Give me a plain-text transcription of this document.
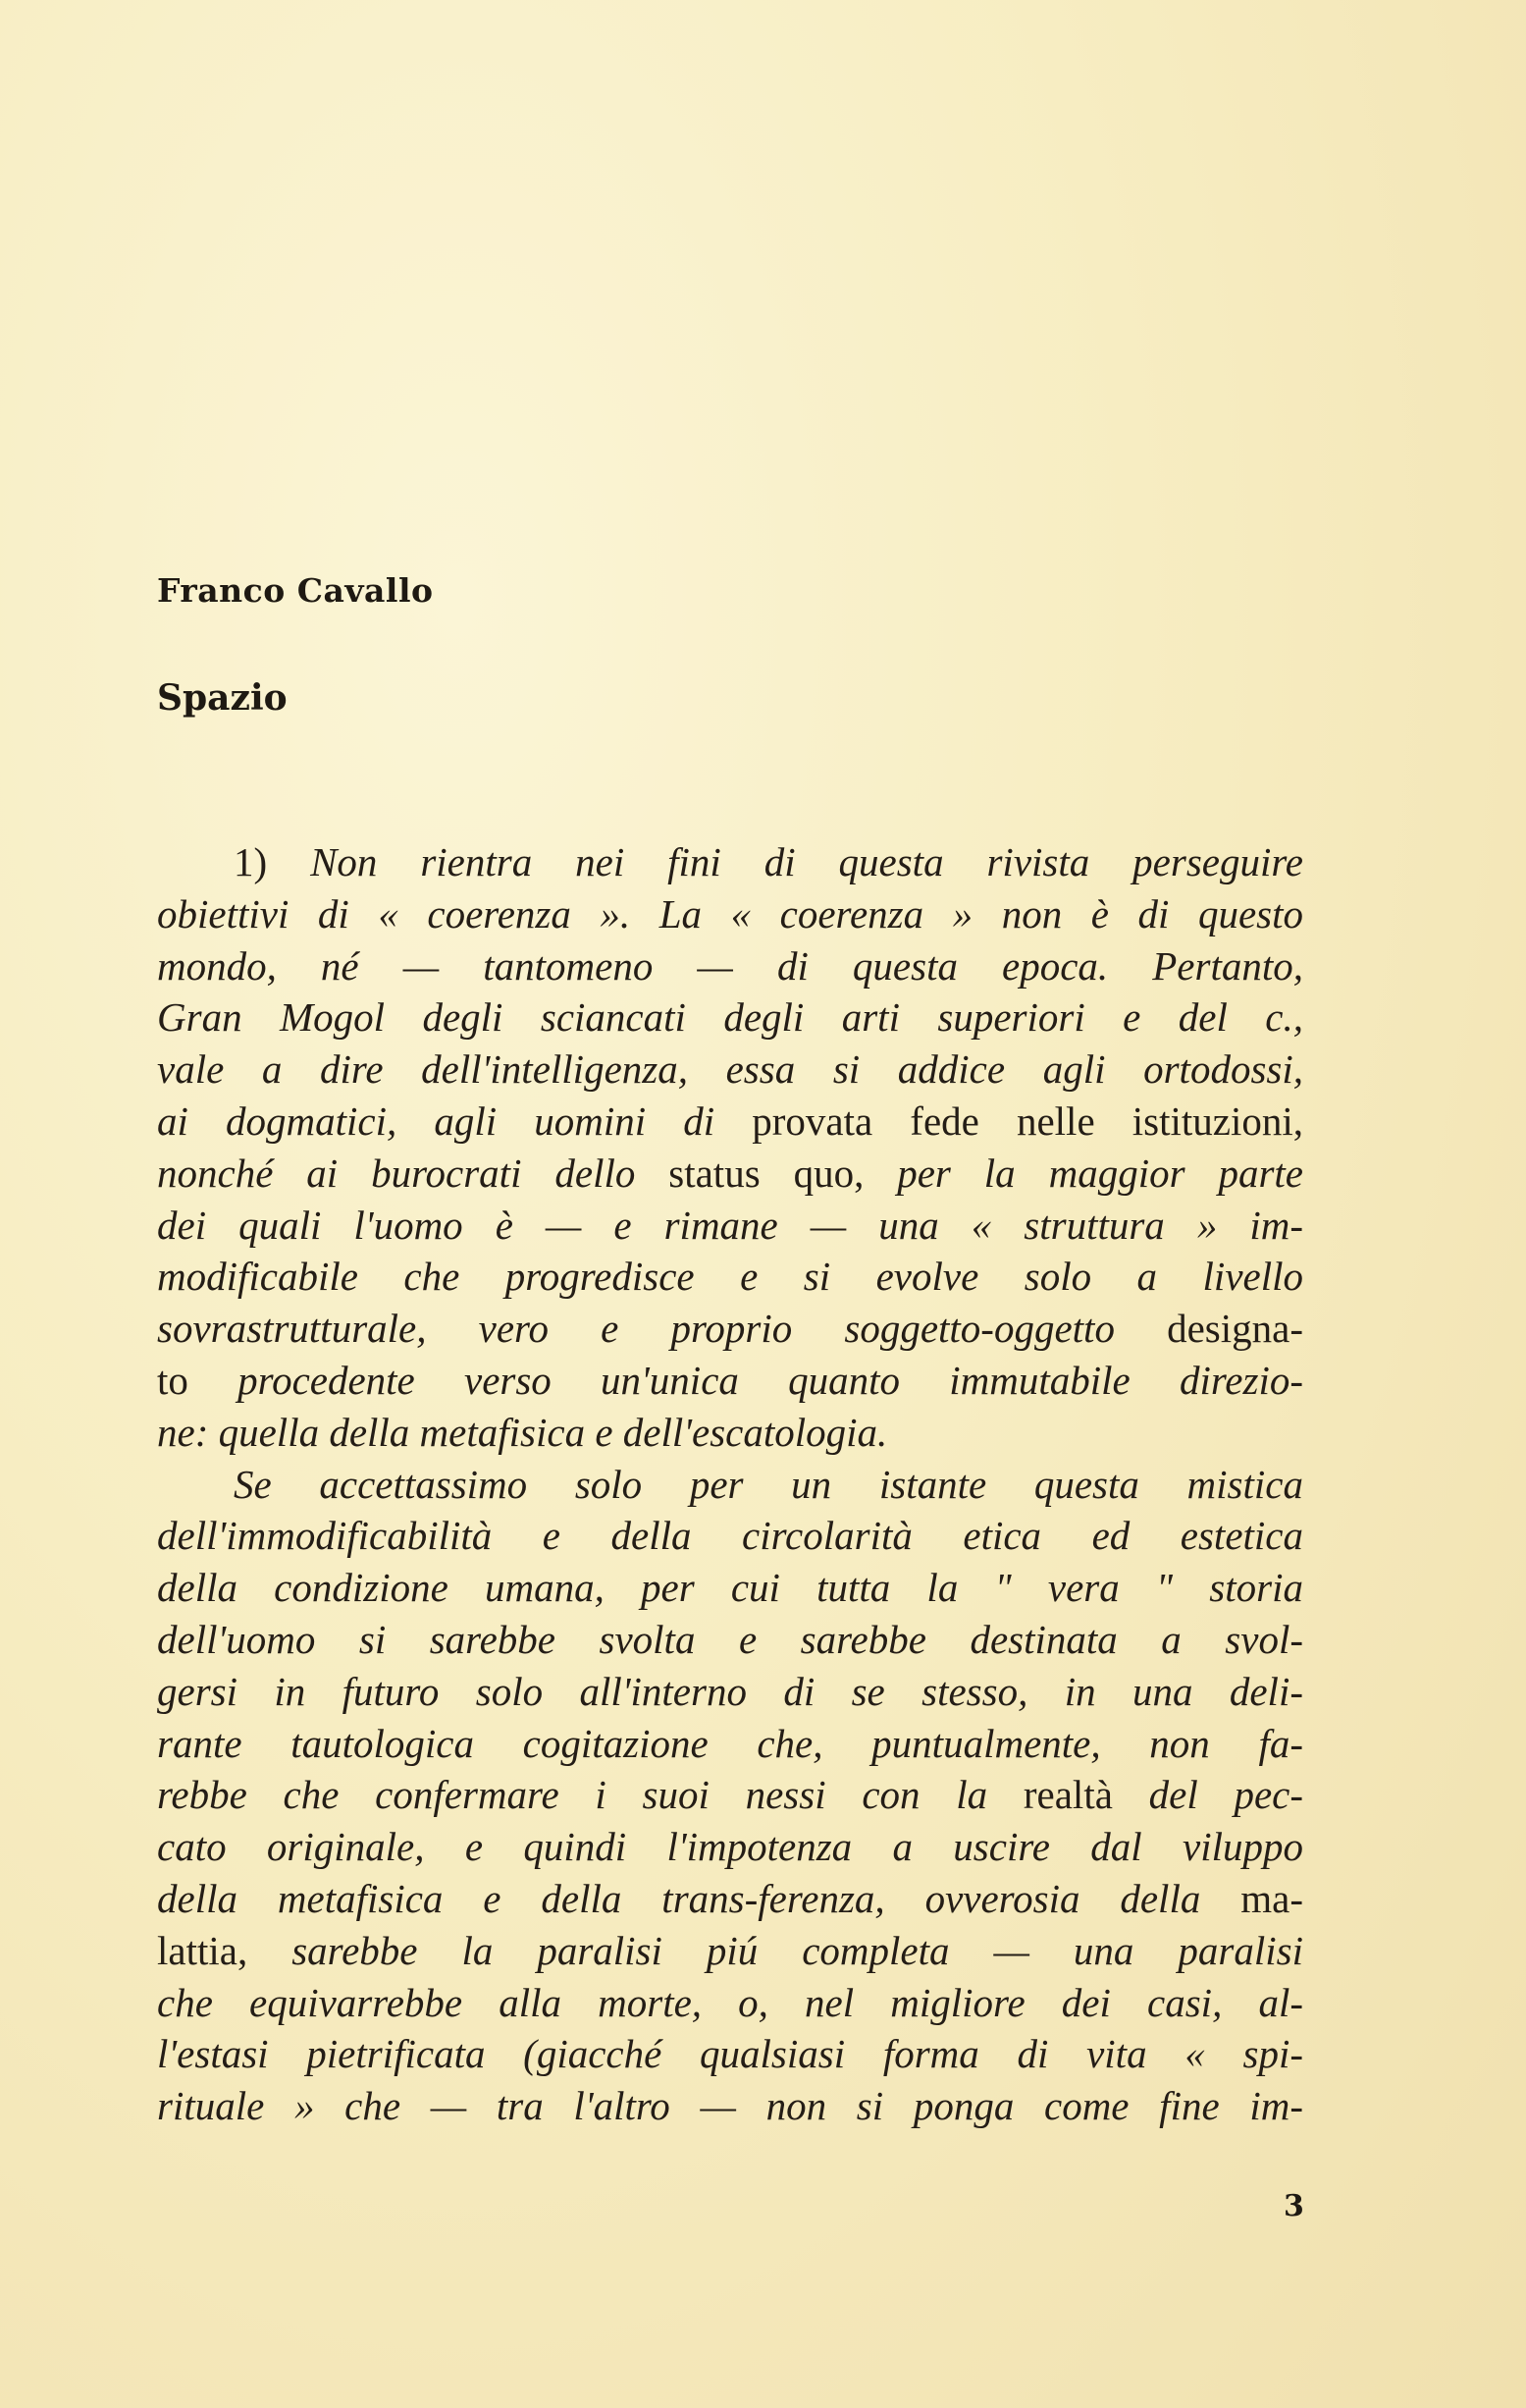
Franco Cavallo
Spazio
1) Non rientra nei fini di questa rivista perseguire
obiettivi di « coerenza ». La « coerenza » non è di questo
mondo, né — tantomeno — di questa epoca. Pertanto,
Gran Mogol degli sciancati degli arti superiori e del c.,
vale a dire dell'intelligenza, essa si addice agli ortodossi,
ai dogmatici, agli uomini di provata fede nelle istituzioni,
nonché ai burocrati dello status quo, per la maggior parte
dei quali l'uomo è — e rimane — una « struttura » im-
modificabile che progredisce e si evolve solo a livello
sovrastrutturale, vero e proprio soggetto-oggetto designa-
to procedente verso un'unica quanto immutabile direzio-
ne: quella della metafisica e dell'escatologia.
Se accettassimo solo per un istante questa mistica
dell'immodificabilità e della circolarità etica ed estetica
della condizione umana, per cui tutta la " vera " storia
dell'uomo si sarebbe svolta e sarebbe destinata a svol-
gersi in futuro solo all'interno di se stesso, in una deli-
rante tautologica cogitazione che, puntualmente, non fa-
rebbe che confermare i suoi nessi con la realtà del pec-
cato originale, e quindi l'impotenza a uscire dal viluppo
della metafisica e della trans-ferenza, ovverosia della ma-
lattia, sarebbe la paralisi piú completa — una paralisi
che equivarrebbe alla morte, o, nel migliore dei casi, al-
l'estasi pietrificata (giacché qualsiasi forma di vita « spi-
rituale » che — tra l'altro — non si ponga come fine im-
3
